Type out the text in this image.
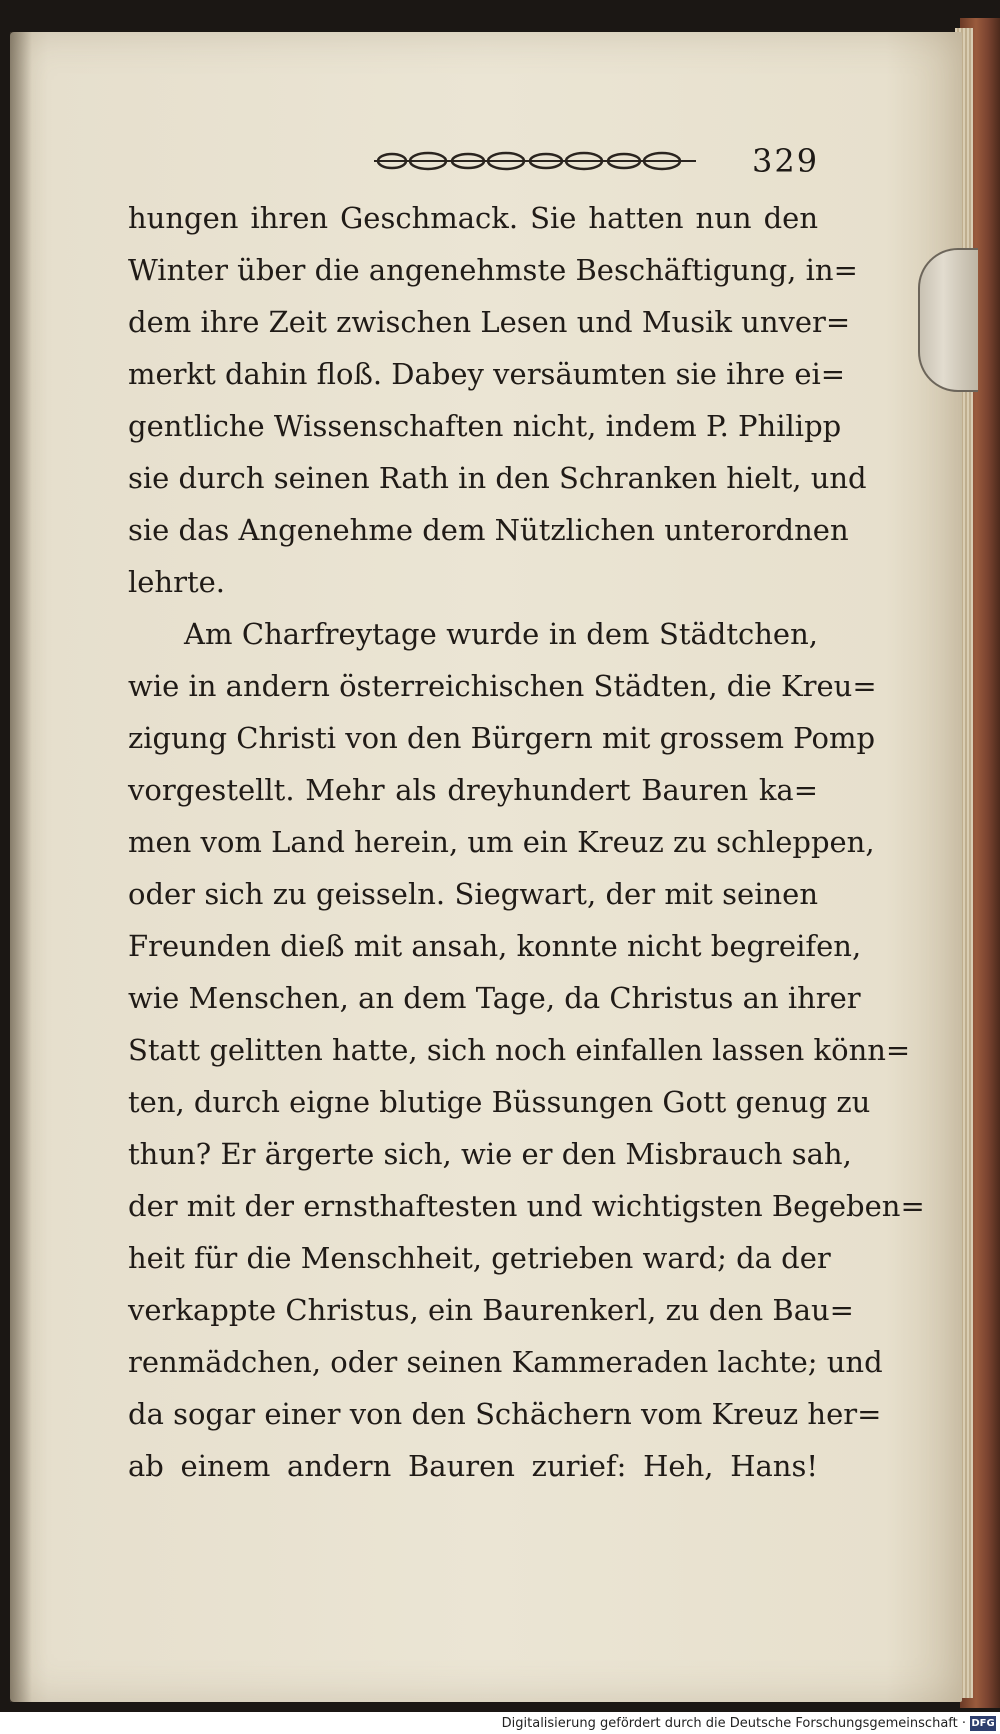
329
hungen ihren Geschmack. Sie hatten nun den
Winter über die angenehmste Beschäftigung, in=
dem ihre Zeit zwischen Lesen und Musik unver=
merkt dahin floß. Dabey versäumten sie ihre ei=
gentliche Wissenschaften nicht, indem P. Philipp
sie durch seinen Rath in den Schranken hielt, und
sie das Angenehme dem Nützlichen unterordnen
lehrte.
Am Charfreytage wurde in dem Städtchen,
wie in andern österreichischen Städten, die Kreu=
zigung Christi von den Bürgern mit grossem Pomp
vorgestellt. Mehr als dreyhundert Bauren ka=
men vom Land herein, um ein Kreuz zu schleppen,
oder sich zu geisseln. Siegwart, der mit seinen
Freunden dieß mit ansah, konnte nicht begreifen,
wie Menschen, an dem Tage, da Christus an ihrer
Statt gelitten hatte, sich noch einfallen lassen könn=
ten, durch eigne blutige Büssungen Gott genug zu
thun? Er ärgerte sich, wie er den Misbrauch sah,
der mit der ernsthaftesten und wichtigsten Begeben=
heit für die Menschheit, getrieben ward; da der
verkappte Christus, ein Baurenkerl, zu den Bau=
renmädchen, oder seinen Kammeraden lachte; und
da sogar einer von den Schächern vom Kreuz her=
ab einem andern Bauren zurief: Heh, Hans!
Digitalisierung gefördert durch die Deutsche Forschungsgemeinschaft · DFG
